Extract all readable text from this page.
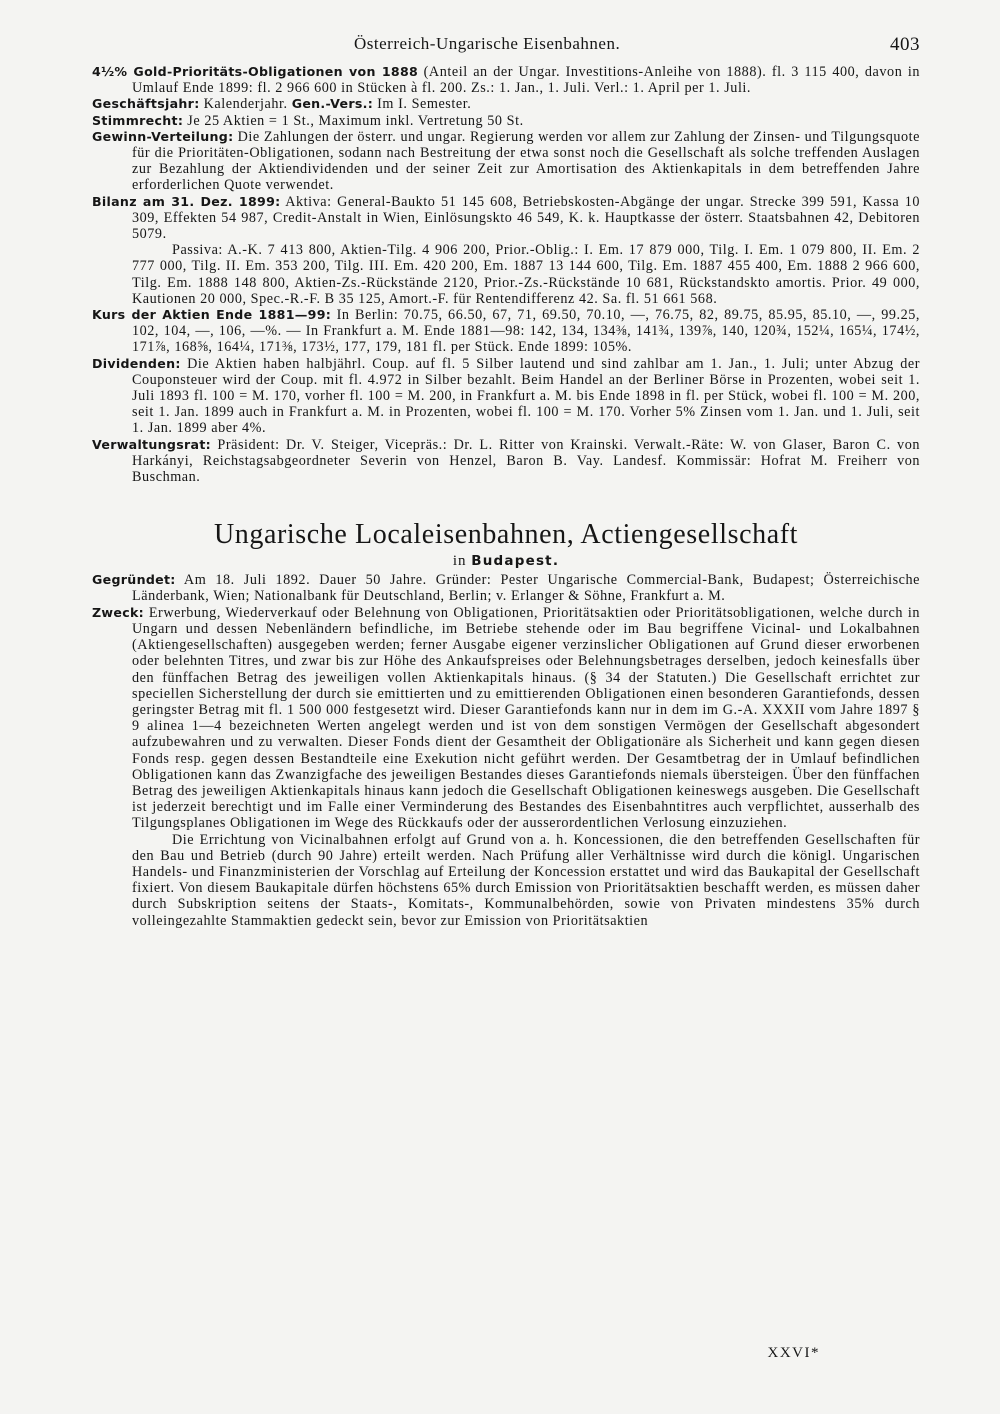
Österreich-Ungarische Eisenbahnen.	403

4½% Gold-Prioritäts-Obligationen von 1888 (Anteil an der Ungar. Investitions-Anleihe von 1888). fl. 3 115 400, davon in Umlauf Ende 1899: fl. 2 966 600 in Stücken à fl. 200. Zs.: 1. Jan., 1. Juli. Verl.: 1. April per 1. Juli.

Geschäftsjahr: Kalenderjahr. Gen.-Vers.: Im I. Semester.

Stimmrecht: Je 25 Aktien = 1 St., Maximum inkl. Vertretung 50 St.

Gewinn-Verteilung: Die Zahlungen der österr. und ungar. Regierung werden vor allem zur Zahlung der Zinsen- und Tilgungsquote für die Prioritäten-Obligationen, sodann nach Bestreitung der etwa sonst noch die Gesellschaft als solche treffenden Auslagen zur Bezahlung der Aktiendividenden und der seiner Zeit zur Amortisation des Aktienkapitals in dem betreffenden Jahre erforderlichen Quote verwendet.

Bilanz am 31. Dez. 1899: Aktiva: General-Baukto 51 145 608, Betriebskosten-Abgänge der ungar. Strecke 399 591, Kassa 10 309, Effekten 54 987, Credit-Anstalt in Wien, Einlösungskto 46 549, K. k. Hauptkasse der österr. Staatsbahnen 42, Debitoren 5079.

Passiva: A.-K. 7 413 800, Aktien-Tilg. 4 906 200, Prior.-Oblig.: I. Em. 17 879 000, Tilg. I. Em. 1 079 800, II. Em. 2 777 000, Tilg. II. Em. 353 200, Tilg. III. Em. 420 200, Em. 1887 13 144 600, Tilg. Em. 1887 455 400, Em. 1888 2 966 600, Tilg. Em. 1888 148 800, Aktien-Zs.-Rückstände 2120, Prior.-Zs.-Rückstände 10 681, Rückstandskto amortis. Prior. 49 000, Kautionen 20 000, Spec.-R.-F. B 35 125, Amort.-F. für Rentendifferenz 42. Sa. fl. 51 661 568.

Kurs der Aktien Ende 1881—99: In Berlin: 70.75, 66.50, 67, 71, 69.50, 70.10, —, 76.75, 82, 89.75, 85.95, 85.10, —, 99.25, 102, 104, —, 106, —%. — In Frankfurt a. M. Ende 1881—98: 142, 134, 134⅜, 141¾, 139⅞, 140, 120¾, 152¼, 165¼, 174½, 171⅞, 168⅝, 164¼, 171⅜, 173½, 177, 179, 181 fl. per Stück. Ende 1899: 105%.

Dividenden: Die Aktien haben halbjährl. Coup. auf fl. 5 Silber lautend und sind zahlbar am 1. Jan., 1. Juli; unter Abzug der Couponsteuer wird der Coup. mit fl. 4.972 in Silber bezahlt. Beim Handel an der Berliner Börse in Prozenten, wobei seit 1. Juli 1893 fl. 100 = M. 170, vorher fl. 100 = M. 200, in Frankfurt a. M. bis Ende 1898 in fl. per Stück, wobei fl. 100 = M. 200, seit 1. Jan. 1899 auch in Frankfurt a. M. in Prozenten, wobei fl. 100 = M. 170. Vorher 5% Zinsen vom 1. Jan. und 1. Juli, seit 1. Jan. 1899 aber 4%.

Verwaltungsrat: Präsident: Dr. V. Steiger, Vicepräs.: Dr. L. Ritter von Krainski. Verwalt.-Räte: W. von Glaser, Baron C. von Harkányi, Reichstagsabgeordneter Severin von Henzel, Baron B. Vay. Landesf. Kommissär: Hofrat M. Freiherr von Buschman.

Ungarische Localeisenbahnen, Actiengesellschaft
in Budapest.

Gegründet: Am 18. Juli 1892. Dauer 50 Jahre. Gründer: Pester Ungarische Commercial-Bank, Budapest; Österreichische Länderbank, Wien; Nationalbank für Deutschland, Berlin; v. Erlanger & Söhne, Frankfurt a. M.

Zweck: Erwerbung, Wiederverkauf oder Belehnung von Obligationen, Prioritätsaktien oder Prioritätsobligationen, welche durch in Ungarn und dessen Nebenländern befindliche, im Betriebe stehende oder im Bau begriffene Vicinal- und Lokalbahnen (Aktiengesellschaften) ausgegeben werden; ferner Ausgabe eigener verzinslicher Obligationen auf Grund dieser erworbenen oder belehnten Titres, und zwar bis zur Höhe des Ankaufspreises oder Belehnungsbetrages derselben, jedoch keinesfalls über den fünffachen Betrag des jeweiligen vollen Aktienkapitals hinaus. (§ 34 der Statuten.) Die Gesellschaft errichtet zur speciellen Sicherstellung der durch sie emittierten und zu emittierenden Obligationen einen besonderen Garantiefonds, dessen geringster Betrag mit fl. 1 500 000 festgesetzt wird. Dieser Garantiefonds kann nur in dem im G.-A. XXXII vom Jahre 1897 § 9 alinea 1—4 bezeichneten Werten angelegt werden und ist von dem sonstigen Vermögen der Gesellschaft abgesondert aufzubewahren und zu verwalten. Dieser Fonds dient der Gesamtheit der Obligationäre als Sicherheit und kann gegen diesen Fonds resp. gegen dessen Bestandteile eine Exekution nicht geführt werden. Der Gesamtbetrag der in Umlauf befindlichen Obligationen kann das Zwanzigfache des jeweiligen Bestandes dieses Garantiefonds niemals übersteigen. Über den fünffachen Betrag des jeweiligen Aktienkapitals hinaus kann jedoch die Gesellschaft Obligationen keineswegs ausgeben. Die Gesellschaft ist jederzeit berechtigt und im Falle einer Verminderung des Bestandes des Eisenbahntitres auch verpflichtet, ausserhalb des Tilgungsplanes Obligationen im Wege des Rückkaufs oder der ausserordentlichen Verlosung einzuziehen.

Die Errichtung von Vicinalbahnen erfolgt auf Grund von a. h. Koncessionen, die den betreffenden Gesellschaften für den Bau und Betrieb (durch 90 Jahre) erteilt werden. Nach Prüfung aller Verhältnisse wird durch die königl. Ungarischen Handels- und Finanzministerien der Vorschlag auf Erteilung der Koncession erstattet und wird das Baukapital der Gesellschaft fixiert. Von diesem Baukapitale dürfen höchstens 65% durch Emission von Prioritätsaktien beschafft werden, es müssen daher durch Subskription seitens der Staats-, Komitats-, Kommunalbehörden, sowie von Privaten mindestens 35% durch volleingezahlte Stammaktien gedeckt sein, bevor zur Emission von Prioritätsaktien

XXVI*
